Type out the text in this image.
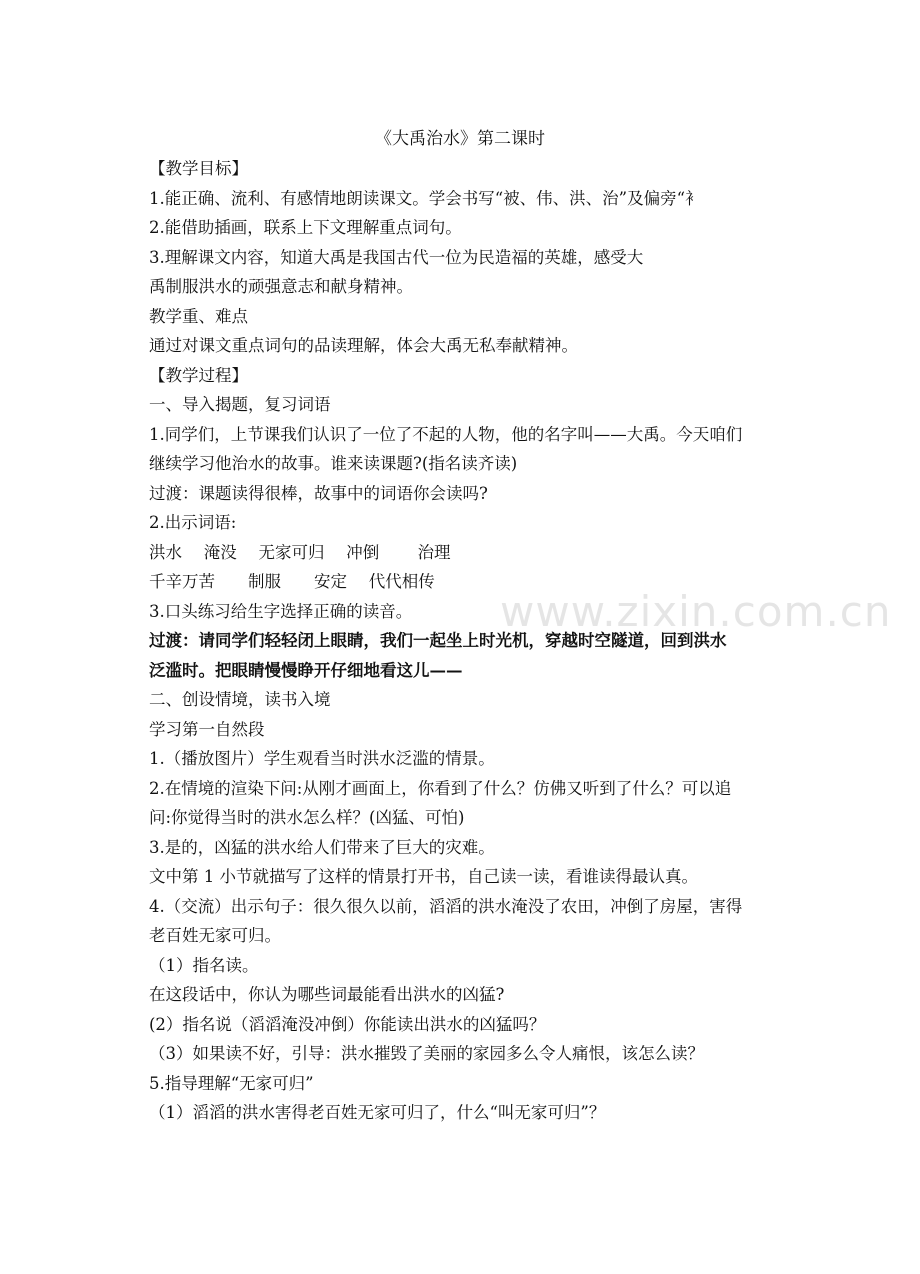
《大禹治水》第二课时
【教学目标】
1.能正确、流利、有感情地朗读课文。学会书写“被、伟、洪、治”及偏旁“衤
2.能借助插画，联系上下文理解重点词句。
3.理解课文内容，知道大禹是我国古代一位为民造福的英雄，感受大
禹制服洪水的顽强意志和献身精神。
教学重、难点
通过对课文重点词句的品读理解，体会大禹无私奉献精神。
【教学过程】
一、导入揭题，复习词语
1.同学们，上节课我们认识了一位了不起的人物，他的名字叫——大禹。今天咱们
继续学习他治水的故事。谁来读课题?(指名读齐读)
过渡：课题读得很棒，故事中的词语你会读吗?
2.出示词语:
洪水　 淹没　 无家可归　 冲倒　　 治理
千辛万苦　　制服　　安定　 代代相传
3.口头练习给生字选择正确的读音。
过渡：请同学们轻轻闭上眼睛，我们一起坐上时光机，穿越时空隧道，回到洪水
泛滥时。把眼睛慢慢睁开仔细地看这儿——
二、创设情境，读书入境
学习第一自然段
1.（播放图片）学生观看当时洪水泛滥的情景。
2.在情境的渲染下问:从刚才画面上，你看到了什么？仿佛又听到了什么？可以追
问:你觉得当时的洪水怎么样？(凶猛、可怕)
3.是的，凶猛的洪水给人们带来了巨大的灾难。
文中第 1 小节就描写了这样的情景打开书，自己读一读，看谁读得最认真。
4.（交流）出示句子：很久很久以前，滔滔的洪水淹没了农田，冲倒了房屋，害得
老百姓无家可归。
（1）指名读。
在这段话中，你认为哪些词最能看出洪水的凶猛?
(2）指名说（滔滔淹没冲倒）你能读出洪水的凶猛吗？
（3）如果读不好，引导：洪水摧毁了美丽的家园多么令人痛恨，该怎么读？
5.指导理解“无家可归”
（1）滔滔的洪水害得老百姓无家可归了，什么“叫无家可归”？
www.zixin.com.cn
